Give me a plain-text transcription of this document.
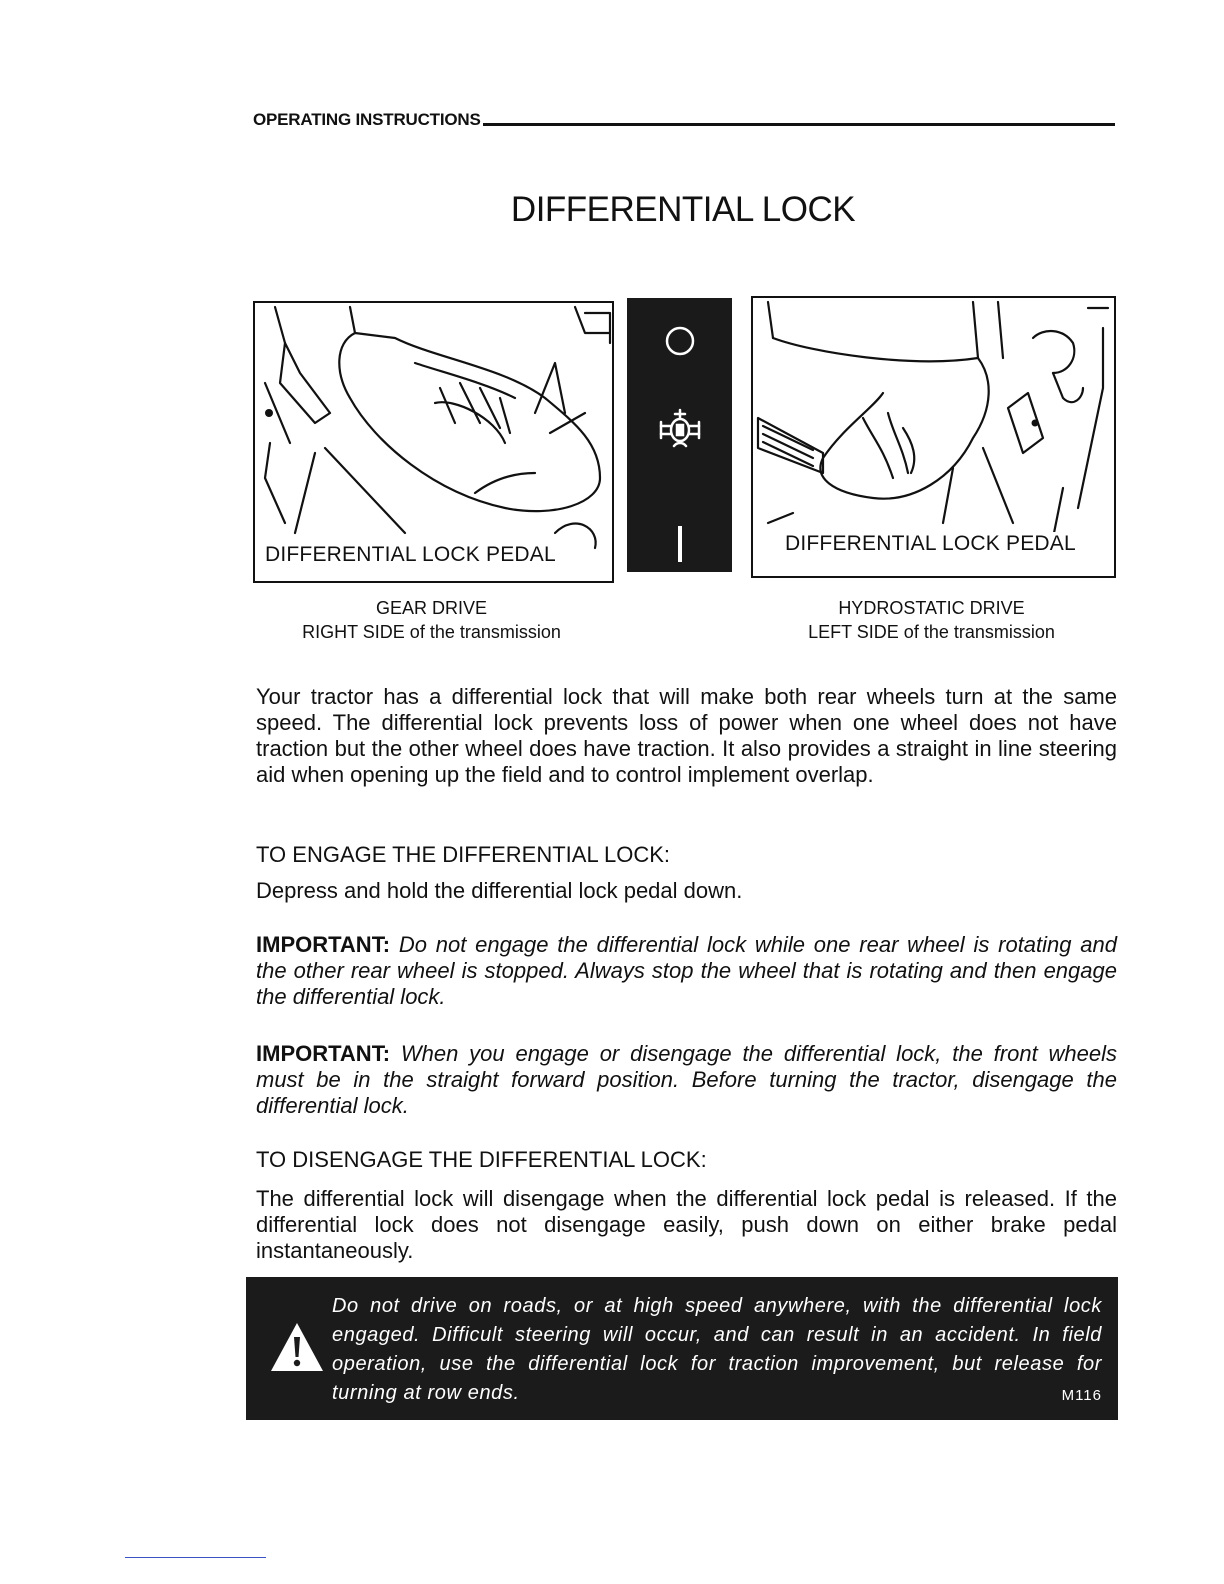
OPERATING INSTRUCTIONS
DIFFERENTIAL LOCK
DIFFERENTIAL LOCK PEDAL	DIFFERENTIAL LOCK PEDAL
GEAR DRIVE
RIGHT SIDE of the transmission
HYDROSTATIC DRIVE
LEFT SIDE of the transmission
Your tractor has a differential lock that will make both rear wheels turn at the same speed. The differential lock prevents loss of power when one wheel does not have traction but the other wheel does have traction. It also provides a straight in line steering aid when opening up the field and to control implement overlap.
TO ENGAGE THE DIFFERENTIAL LOCK:
Depress and hold the differential lock pedal down.
IMPORTANT: Do not engage the differential lock while one rear wheel is rotating and the other rear wheel is stopped. Always stop the wheel that is rotating and then engage the differential lock.
IMPORTANT: When you engage or disengage the differential lock, the front wheels must be in the straight forward position. Before turning the tractor, disengage the differential lock.
TO DISENGAGE THE DIFFERENTIAL LOCK:
The differential lock will disengage when the differential lock pedal is released. If the differential lock does not disengage easily, push down on either brake pedal instantaneously.
Do not drive on roads, or at high speed anywhere, with the differential lock engaged. Difficult steering will occur, and can result in an accident. In field operation, use the differential lock for traction improvement, but release for turning at row ends.	M116
